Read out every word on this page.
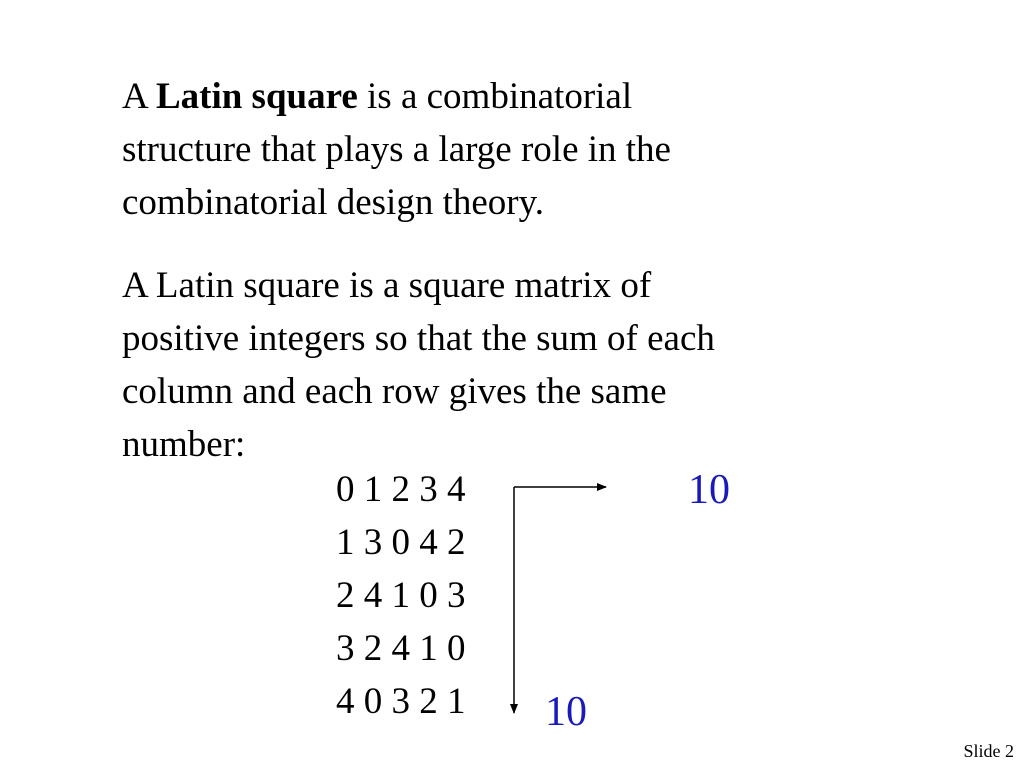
A Latin square is a combinatorial
structure that plays a large role in the
combinatorial design theory.
A Latin square is a square matrix of
positive integers so that the sum of each
column and each row gives the same
number:
0 1 2 3 4
1 3 0 4 2
2 4 1 0 3
3 2 4 1 0
4 0 3 2 1
10
10
Slide 2
